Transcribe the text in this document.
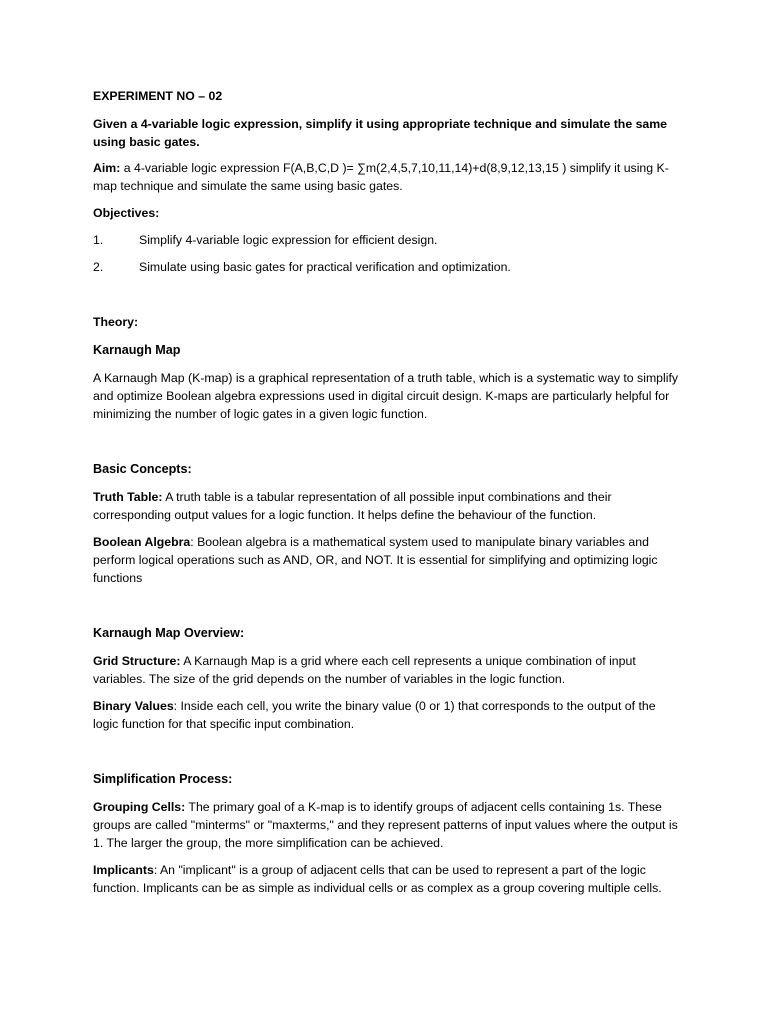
EXPERIMENT NO – 02

Given a 4-variable logic expression, simplify it using appropriate technique and simulate the same using basic gates.

Aim: a 4-variable logic expression F(A,B,C,D )= ∑m(2,4,5,7,10,11,14)+d(8,9,12,13,15 ) simplify it using K-map technique and simulate the same using basic gates.

Objectives:

1.	Simplify 4-variable logic expression for efficient design.
2.	Simulate using basic gates for practical verification and optimization.

Theory:

Karnaugh Map

A Karnaugh Map (K-map) is a graphical representation of a truth table, which is a systematic way to simplify and optimize Boolean algebra expressions used in digital circuit design. K-maps are particularly helpful for minimizing the number of logic gates in a given logic function.

Basic Concepts:

Truth Table: A truth table is a tabular representation of all possible input combinations and their corresponding output values for a logic function. It helps define the behaviour of the function.

Boolean Algebra: Boolean algebra is a mathematical system used to manipulate binary variables and perform logical operations such as AND, OR, and NOT. It is essential for simplifying and optimizing logic functions

Karnaugh Map Overview:

Grid Structure: A Karnaugh Map is a grid where each cell represents a unique combination of input variables. The size of the grid depends on the number of variables in the logic function.

Binary Values: Inside each cell, you write the binary value (0 or 1) that corresponds to the output of the logic function for that specific input combination.

Simplification Process:

Grouping Cells: The primary goal of a K-map is to identify groups of adjacent cells containing 1s. These groups are called "minterms" or "maxterms," and they represent patterns of input values where the output is 1. The larger the group, the more simplification can be achieved.

Implicants: An "implicant" is a group of adjacent cells that can be used to represent a part of the logic function. Implicants can be as simple as individual cells or as complex as a group covering multiple cells.
